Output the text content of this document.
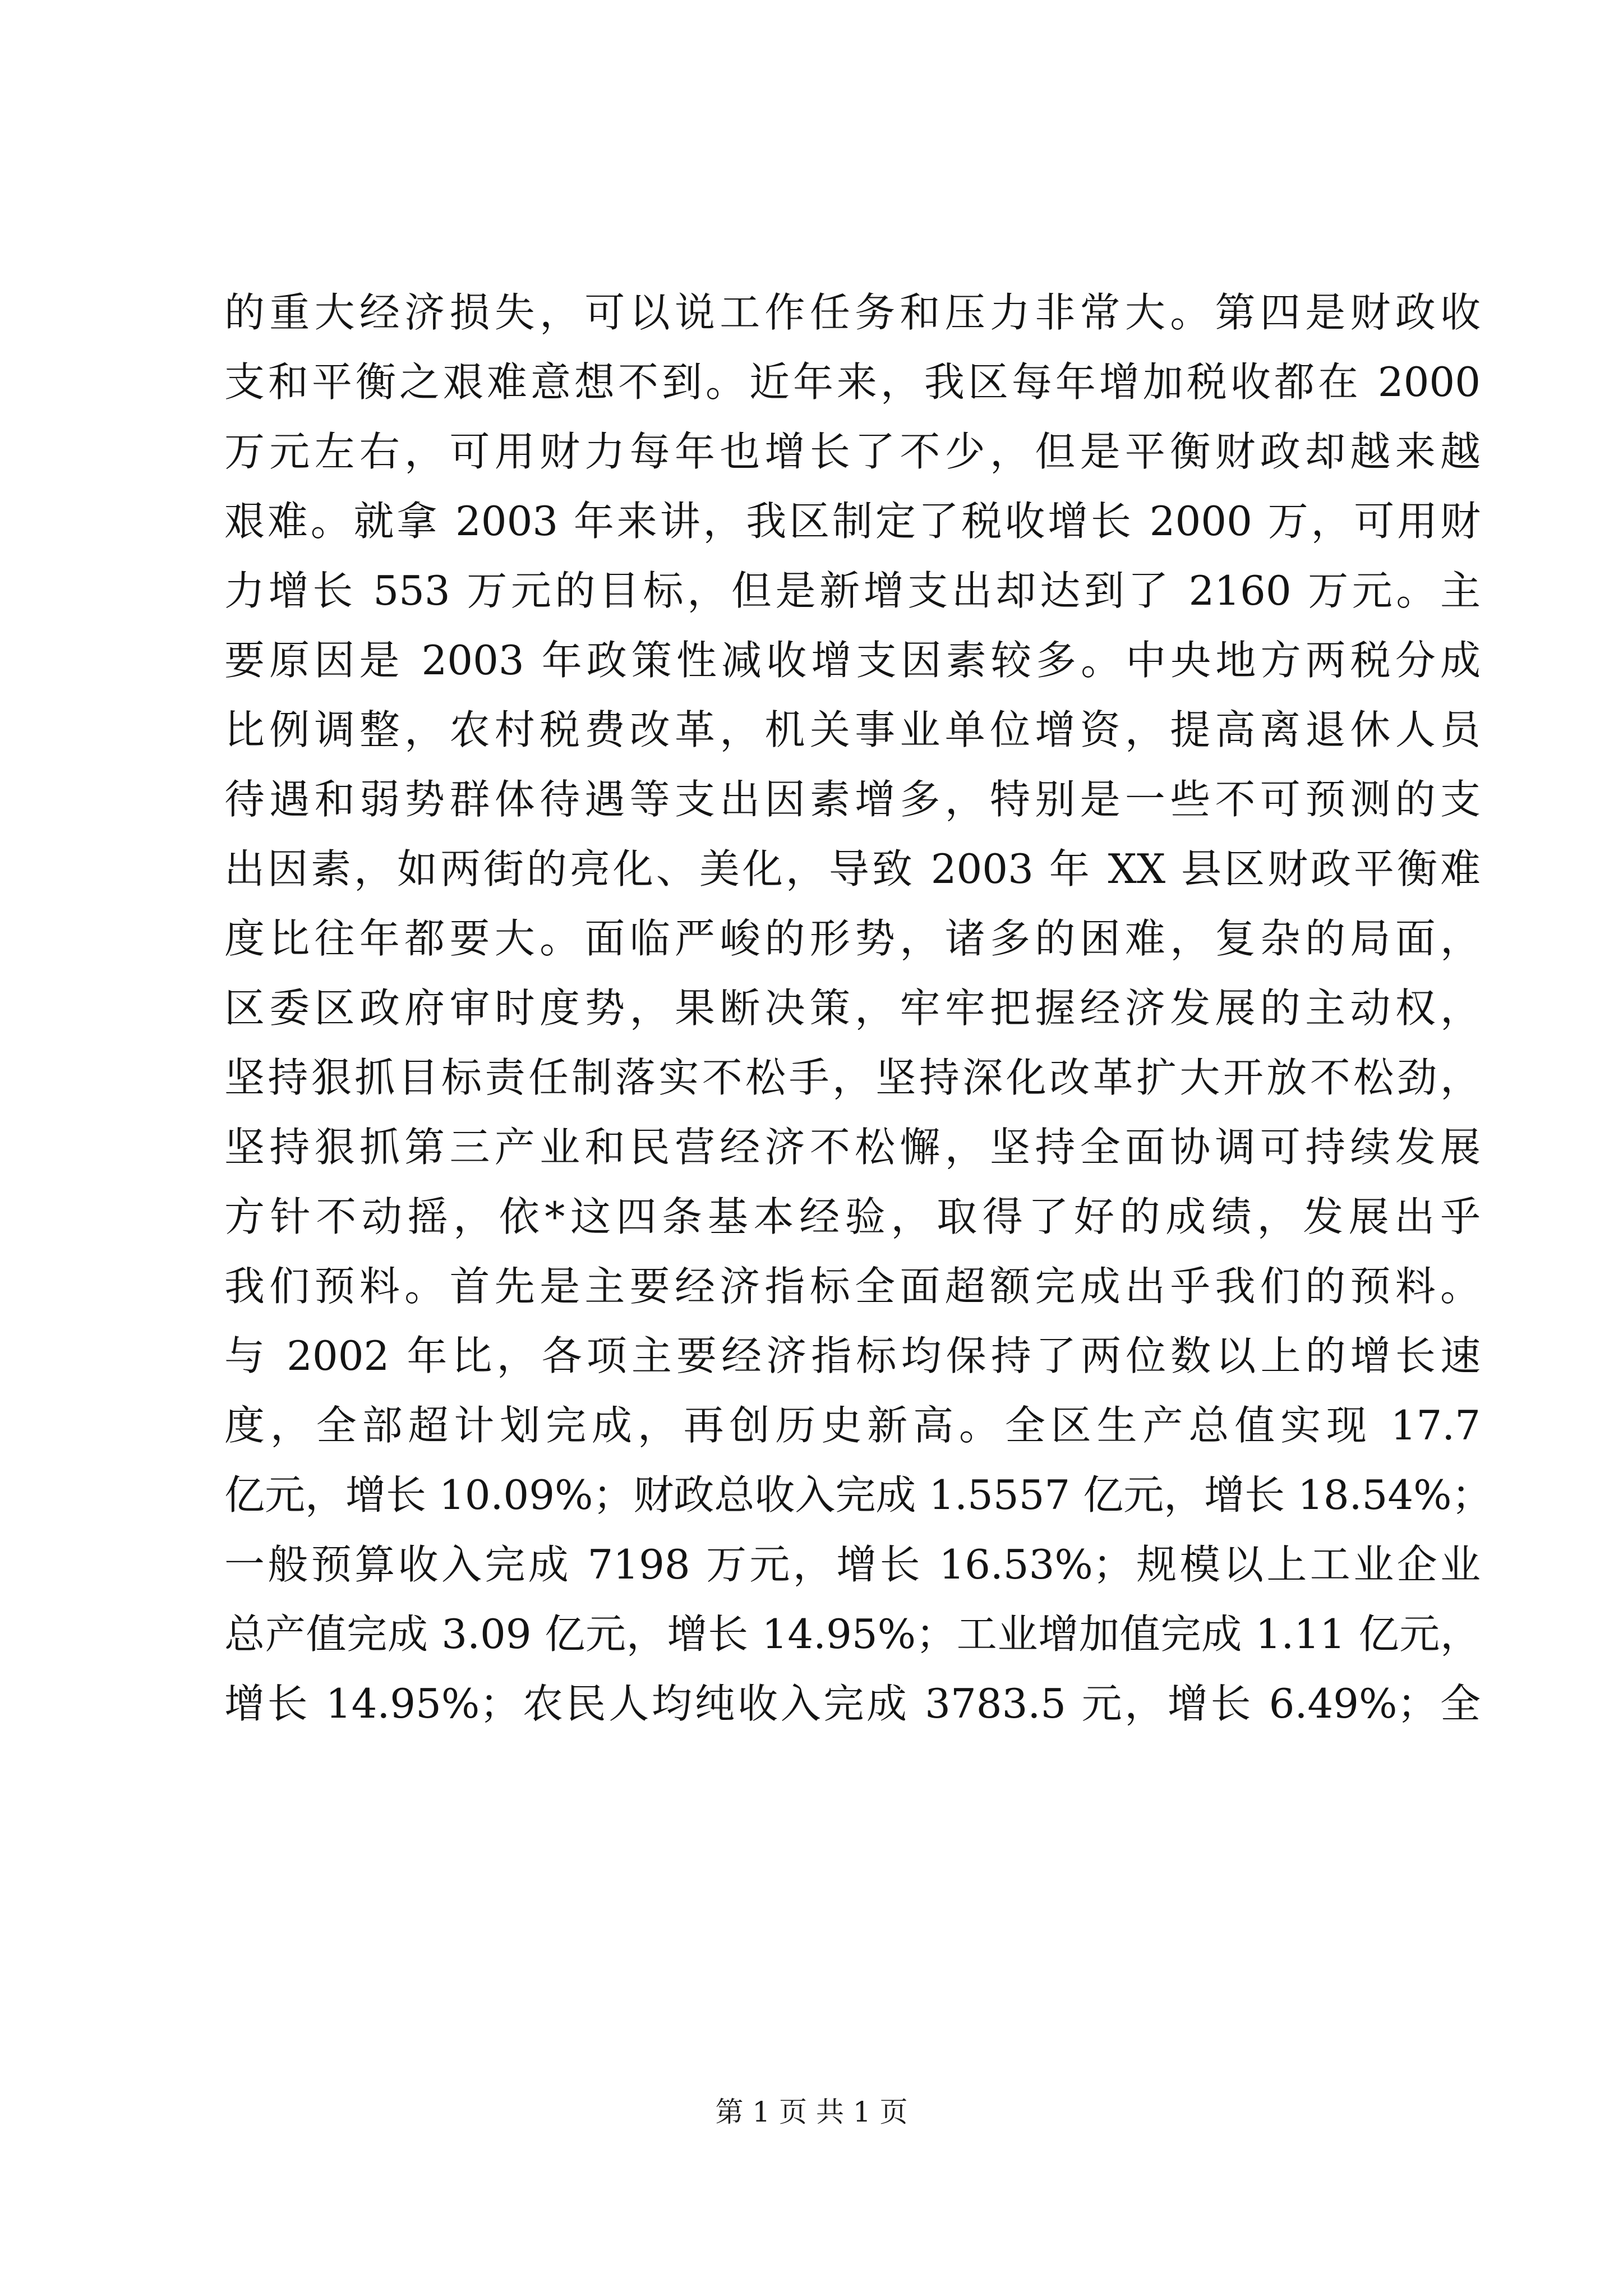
的重大经济损失，可以说工作任务和压力非常大。第四是财政收
支和平衡之艰难意想不到。近年来，我区每年增加税收都在 2000
万元左右，可用财力每年也增长了不少，但是平衡财政却越来越
艰难。就拿 2003 年来讲，我区制定了税收增长 2000 万，可用财
力增长 553 万元的目标，但是新增支出却达到了 2160 万元。主
要原因是 2003 年政策性减收增支因素较多。中央地方两税分成
比例调整，农村税费改革，机关事业单位增资，提高离退休人员
待遇和弱势群体待遇等支出因素增多，特别是一些不可预测的支
出因素，如两街的亮化、美化，导致 2003 年 XX 县区财政平衡难
度比往年都要大。面临严峻的形势，诸多的困难，复杂的局面，
区委区政府审时度势，果断决策，牢牢把握经济发展的主动权，
坚持狠抓目标责任制落实不松手，坚持深化改革扩大开放不松劲，
坚持狠抓第三产业和民营经济不松懈，坚持全面协调可持续发展
方针不动摇，依*这四条基本经验，取得了好的成绩，发展出乎
我们预料。首先是主要经济指标全面超额完成出乎我们的预料。
与 2002 年比，各项主要经济指标均保持了两位数以上的增长速
度，全部超计划完成，再创历史新高。全区生产总值实现 17.7
亿元，增长 10.09%；财政总收入完成 1.5557 亿元，增长 18.54%；
一般预算收入完成 7198 万元，增长 16.53%；规模以上工业企业
总产值完成 3.09 亿元，增长 14.95%；工业增加值完成 1.11 亿元，
增长 14.95%；农民人均纯收入完成 3783.5 元，增长 6.49%；全
第 1 页 共 1 页
